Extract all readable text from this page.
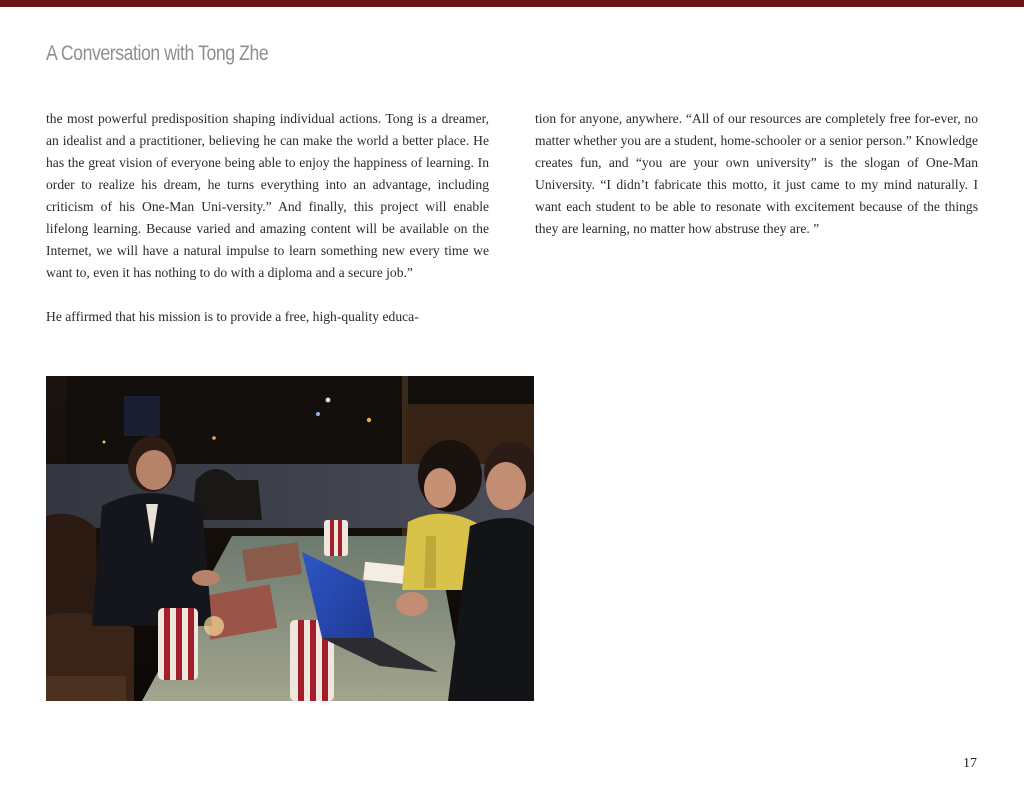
A Conversation with Tong Zhe

the most powerful predisposition shaping individual actions. Tong is a dreamer, an idealist and a practitioner, believing he can make the world a better place. He has the great vision of everyone being able to enjoy the happiness of learning. In order to realize his dream, he turns everything into an advantage, including criticism of his One-Man Uni-versity.” And finally, this project will enable lifelong learning. Because varied and amazing content will be available on the Internet, we will have a natural impulse to learn something new every time we want to, even it has nothing to do with a diploma and a secure job.”

He affirmed that his mission is to provide a free, high-quality educa-

tion for anyone, anywhere. “All of our resources are completely free for-ever, no matter whether you are a student, home-schooler or a senior person.” Knowledge creates fun, and “you are your own university” is the slogan of One-Man University. “I didn’t fabricate this motto, it just came to my mind naturally. I want each student to be able to resonate with excitement because of the things they are learning, no matter how abstruse they are. ”

17
